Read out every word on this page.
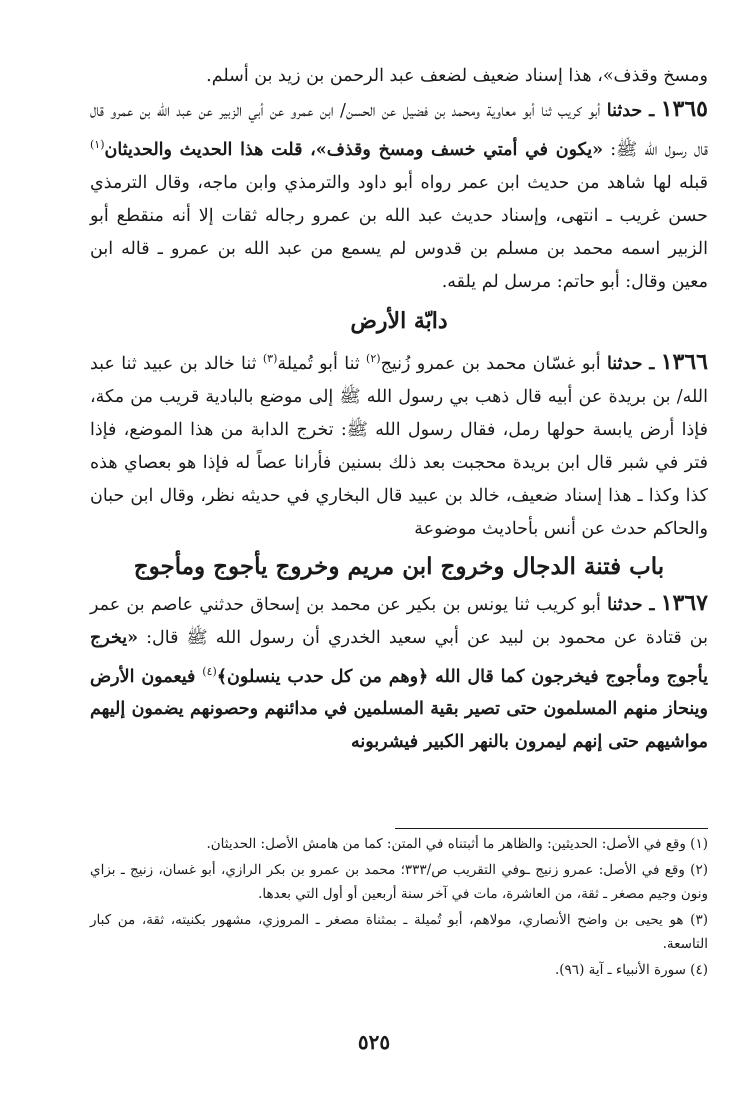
ومسخ وقذف»، هذا إسناد ضعيف لضعف عبد الرحمن بن زيد بن أسلم.

١٣٦٥ ـ حدثنا أبو كريب ثنا أبو معاوية ومحمد بن فضيل عن الحسن/ ابن عمرو عن أبي الزبير عن عبد الله بن عمرو قال قال رسول الله ﷺ: «يكون في أمتي خسف ومسخ وقذف»، قلت هذا الحديث والحديثان$^{(١)}$ قبله لها شاهد من حديث ابن عمر رواه أبو داود والترمذي وابن ماجه، وقال الترمذي حسن غريب ـ انتهى، وإسناد حديث عبد الله بن عمرو رجاله ثقات إلا أنه منقطع أبو الزبير اسمه محمد بن مسلم بن قدوس لم يسمع من عبد الله بن عمرو ـ قاله ابن معين وقال: أبو حاتم: مرسل لم يلقه.

دابّة الأرض

١٣٦٦ ـ حدثنا أبو غسّان محمد بن عمرو زُنيج$^{(٢)}$ ثنا أبو تُميلة$^{(٣)}$ ثنا خالد بن عبيد ثنا عبد الله/ بن بريدة عن أبيه قال ذهب بي رسول الله ﷺ إلى موضع بالبادية قريب من مكة، فإذا أرض يابسة حولها رمل، فقال رسول الله ﷺ: تخرج الدابة من هذا الموضع، فإذا فتر في شبر قال ابن بريدة محجبت بعد ذلك بسنين فأرانا عصاً له فإذا هو بعصاي هذه كذا وكذا ـ هذا إسناد ضعيف، خالد بن عبيد قال البخاري في حديثه نظر، وقال ابن حبان والحاكم حدث عن أنس بأحاديث موضوعة

باب فتنة الدجال وخروج ابن مريم وخروج يأجوج ومأجوج

١٣٦٧ ـ حدثنا أبو كريب ثنا يونس بن بكير عن محمد بن إسحاق حدثني عاصم بن عمر بن قتادة عن محمود بن لبيد عن أبي سعيد الخدري أن رسول الله ﷺ قال: «يخرج يأجوج ومأجوج فيخرجون كما قال الله ﴿وهم من كل حدب ينسلون﴾$^{(٤)}$ فيعمون الأرض وينحاز منهم المسلمون حتى تصير بقية المسلمين في مدائنهم وحصونهم يضمون إليهم مواشيهم حتى إنهم ليمرون بالنهر الكبير فيشربونه

(١) وقع في الأصل: الحديثين: والظاهر ما أثبتناه في المتن: كما من هامش الأصل: الحديثان.

(٢) وقع في الأصل: عمرو زنيج ـوفي التقريب ص/٣٣٣؛ محمد بن عمرو بن بكر الرازي، أبو غسان، زنيج ـ بزاي ونون وجيم مصغر ـ ثقة، من العاشرة، مات في آخر سنة أربعين أو أول التي بعدها.

(٣) هو يحيى بن واضح الأنصاري، مولاهم، أبو تُميلة ـ بمثناة مصغر ـ المروزي، مشهور بكنيته، ثقة، من كبار التاسعة.

(٤) سورة الأنبياء ـ آية (٩٦).

٥٢٥
